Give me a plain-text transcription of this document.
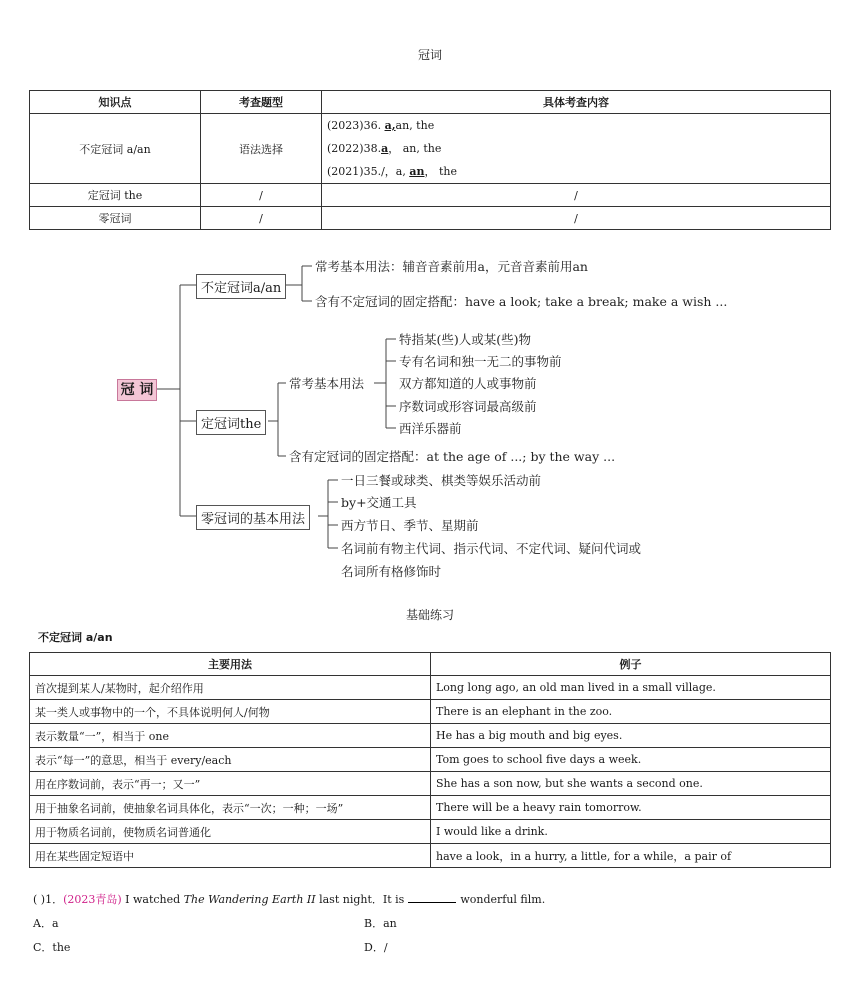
冠词
知识点	考查题型	具体考查内容
不定冠词 a/an	语法选择	(2023)36. a,an, the
(2022)38.a， an, the
(2021)35./，a, an， the

定冠词 the	/	/
零冠词	/	/
冠 词
不定冠词a/an
定冠词the
零冠词的基本用法
常考基本用法：辅音音素前用a，元音音素前用an
含有不定冠词的固定搭配：have a look; take a break; make a wish ...
常考基本用法
特指某(些)人或某(些)物
专有名词和独一无二的事物前
双方都知道的人或事物前
序数词或形容词最高级前
西洋乐器前
含有定冠词的固定搭配：at the age of ...; by the way ...
一日三餐或球类、棋类等娱乐活动前
by+交通工具
西方节日、季节、星期前
名词前有物主代词、指示代词、不定代词、疑问代词或
名词所有格修饰时
基础练习
不定冠词 a/an
主要用法	例子
首次提到某人/某物时，起介绍作用	Long long ago, an old man lived in a small village.
某一类人或事物中的一个，不具体说明何人/何物	There is an elephant in the zoo.
表示数量“一”，相当于 one	He has a big mouth and big eyes.
表示“每一”的意思，相当于 every/each	Tom goes to school five days a week.
用在序数词前，表示“再一；又一”	She has a son now, but she wants a second one.
用于抽象名词前，使抽象名词具体化，表示“一次；一种；一场”	There will be a heavy rain tomorrow.
用于物质名词前，使物质名词普通化	I would like a drink.
用在某些固定短语中	have a look，in a hurry, a little, for a while，a pair of
( )1．(2023青岛) I watched The Wandering Earth II last night．It is	wonderful film.
A．a	B．an
C．the	D．/
